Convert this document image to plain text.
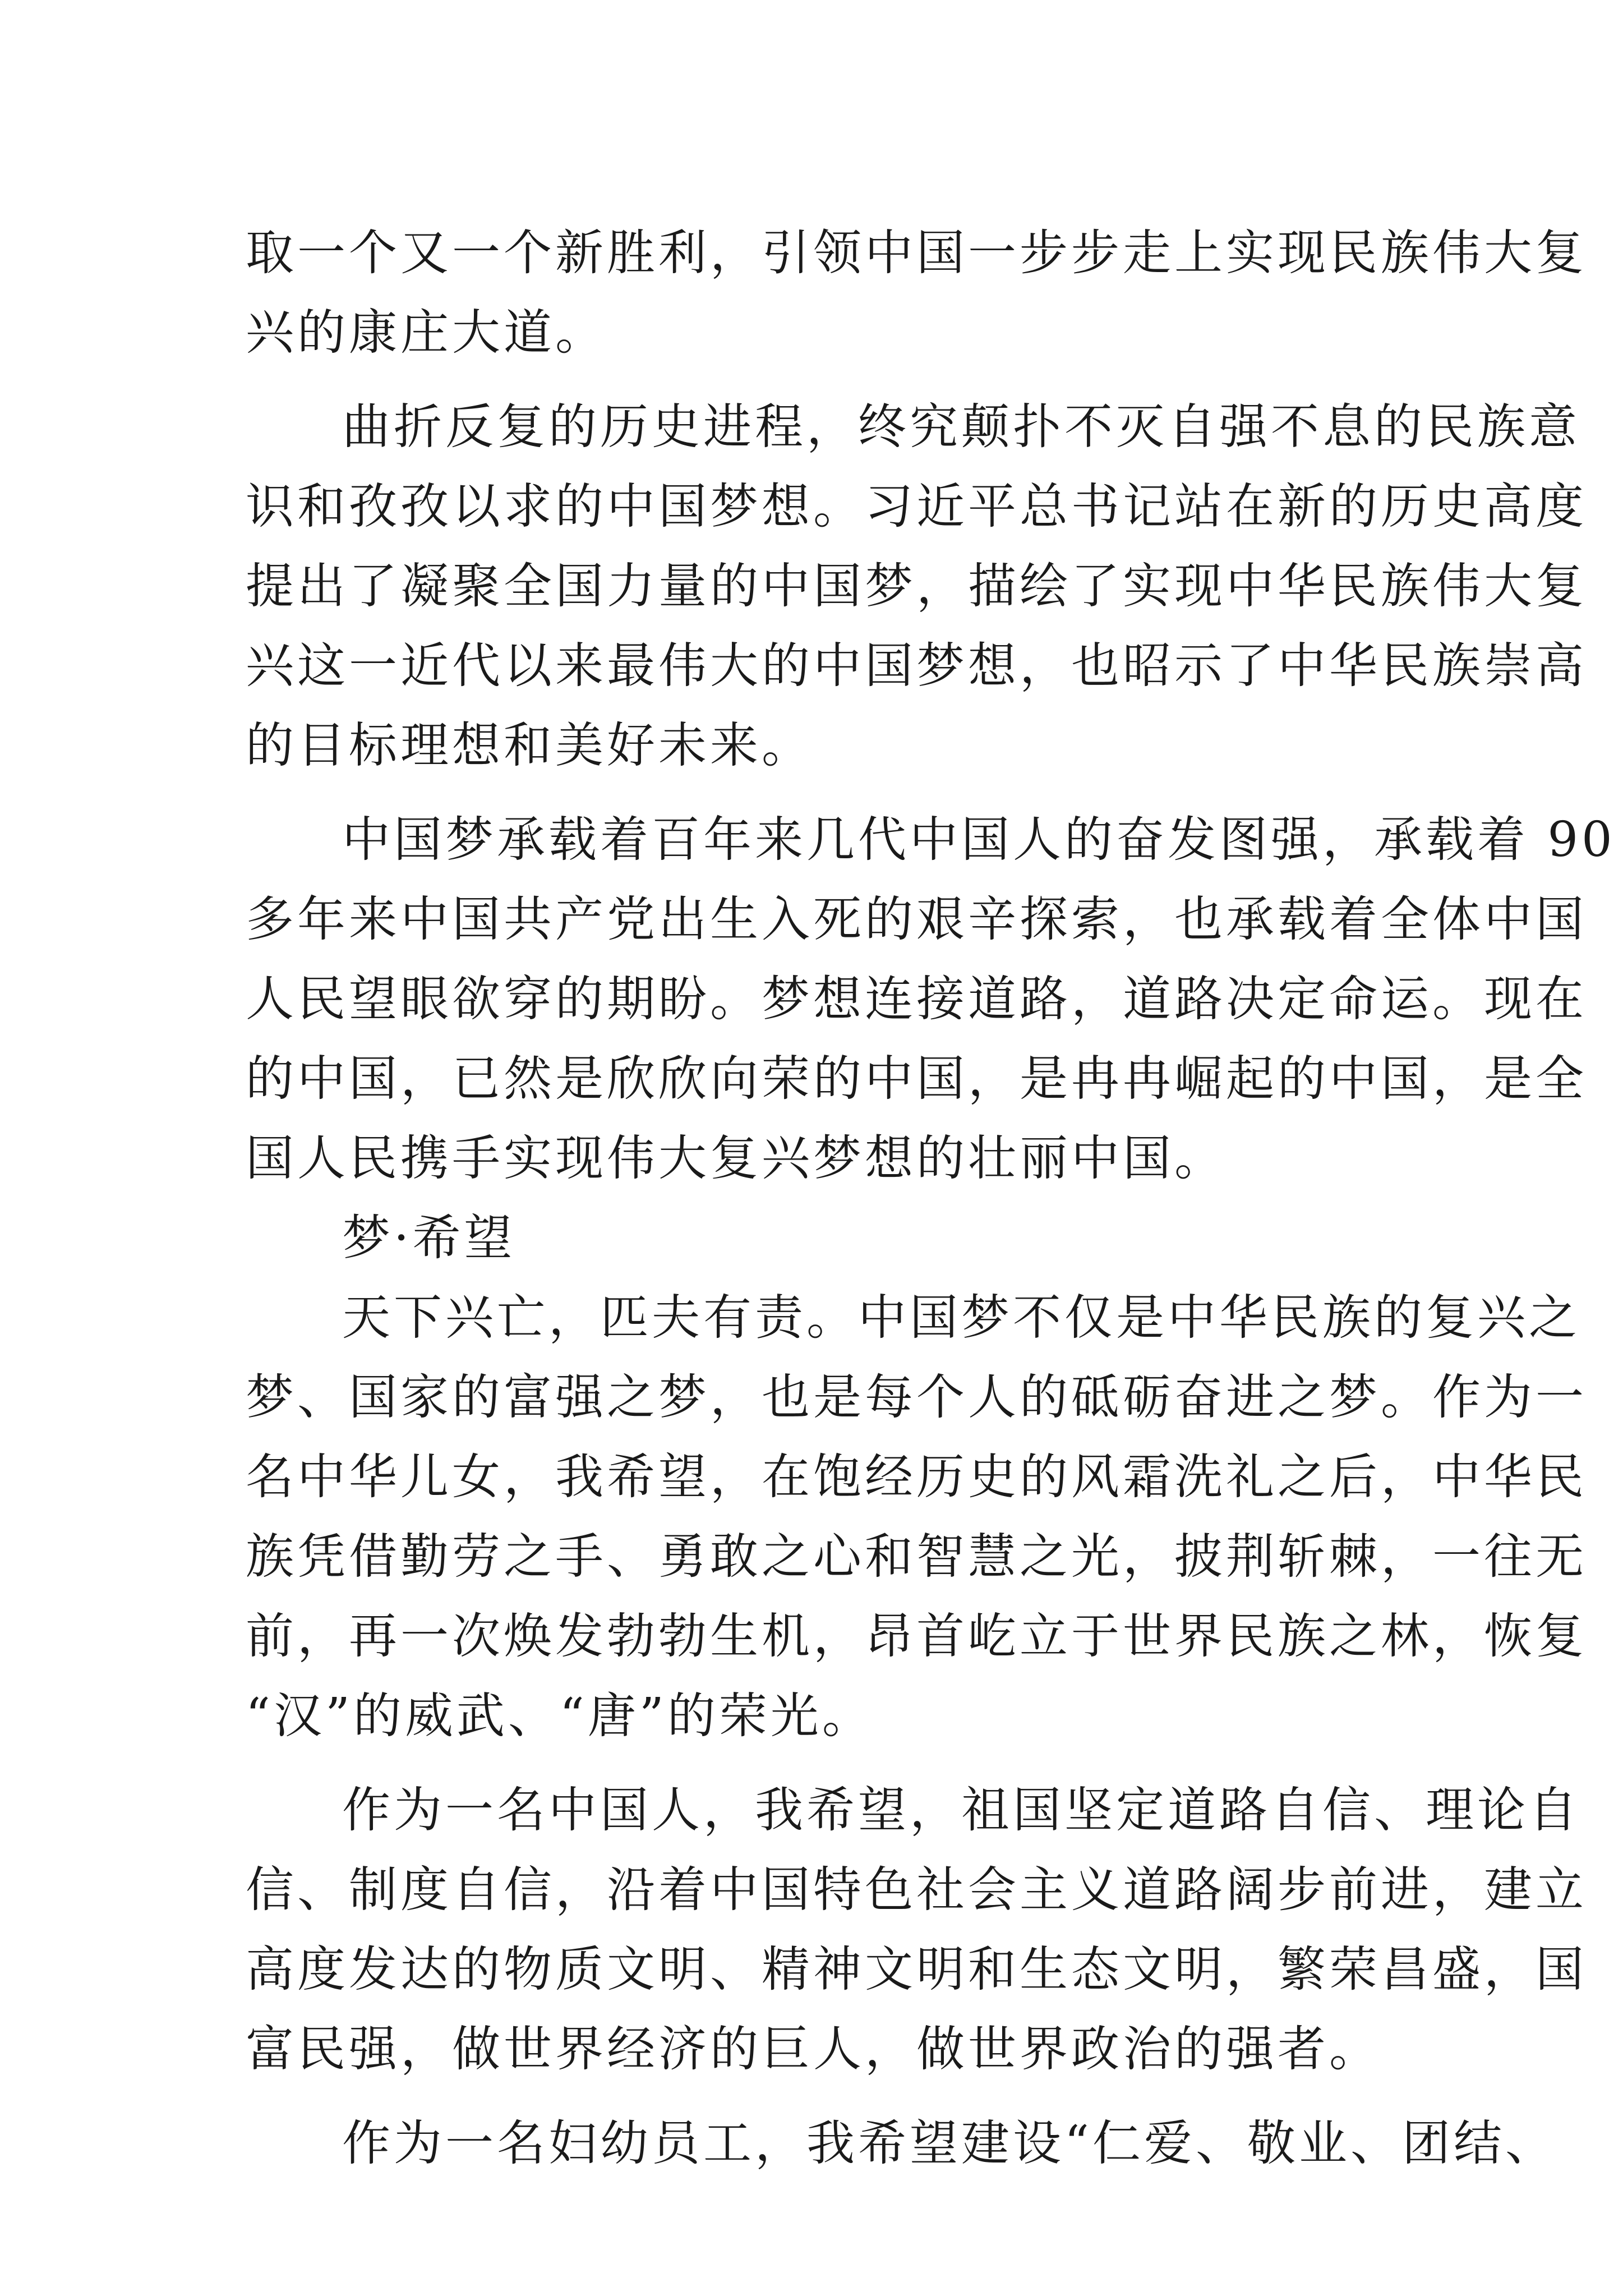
取一个又一个新胜利，引领中国一步步走上实现民族伟大复
兴的康庄大道。
曲折反复的历史进程，终究颠扑不灭自强不息的民族意
识和孜孜以求的中国梦想。习近平总书记站在新的历史高度
提出了凝聚全国力量的中国梦，描绘了实现中华民族伟大复
兴这一近代以来最伟大的中国梦想，也昭示了中华民族崇高
的目标理想和美好未来。
中国梦承载着百年来几代中国人的奋发图强，承载着 90
多年来中国共产党出生入死的艰辛探索，也承载着全体中国
人民望眼欲穿的期盼。梦想连接道路，道路决定命运。现在
的中国，已然是欣欣向荣的中国，是冉冉崛起的中国，是全
国人民携手实现伟大复兴梦想的壮丽中国。
梦·希望
天下兴亡，匹夫有责。中国梦不仅是中华民族的复兴之
梦、国家的富强之梦，也是每个人的砥砺奋进之梦。作为一
名中华儿女，我希望，在饱经历史的风霜洗礼之后，中华民
族凭借勤劳之手、勇敢之心和智慧之光，披荆斩棘，一往无
前，再一次焕发勃勃生机，昂首屹立于世界民族之林，恢复
“汉”的威武、“唐”的荣光。
作为一名中国人，我希望，祖国坚定道路自信、理论自
信、制度自信，沿着中国特色社会主义道路阔步前进，建立
高度发达的物质文明、精神文明和生态文明，繁荣昌盛，国
富民强，做世界经济的巨人，做世界政治的强者。
作为一名妇幼员工，我希望建设“仁爱、敬业、团结、
